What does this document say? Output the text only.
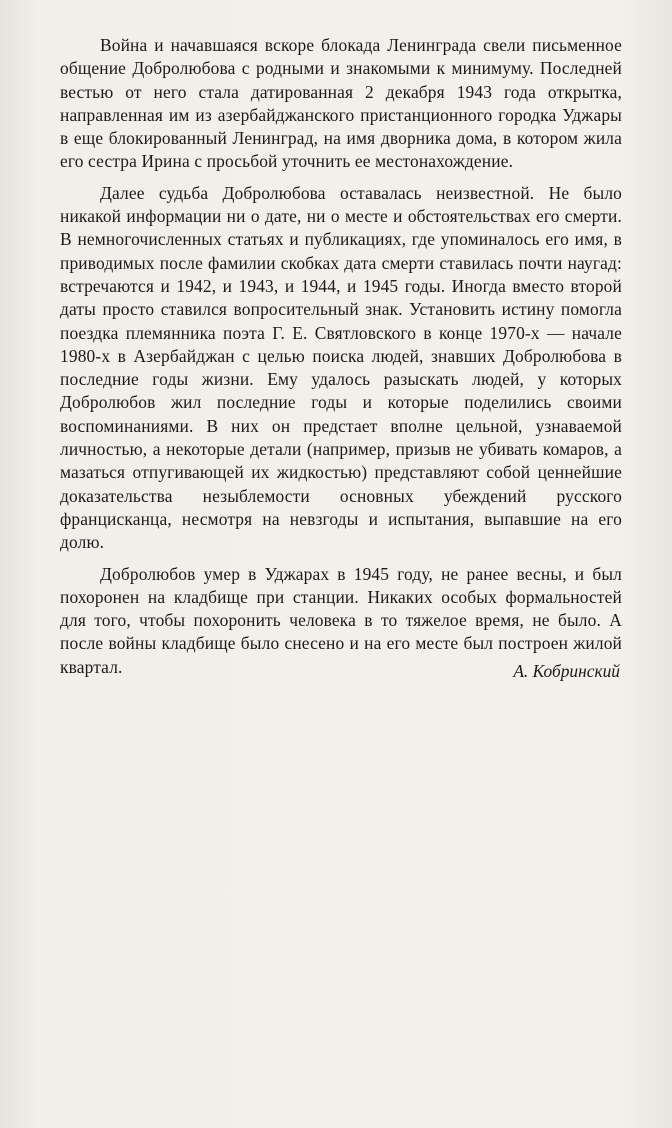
Война и начавшаяся вскоре блокада Ленинграда свели письменное общение Добролюбова с родными и знакомыми к минимуму. Последней вестью от него стала датированная 2 декабря 1943 года открытка, направленная им из азербайджанского пристанционного городка Уджары в еще блокированный Ленинград, на имя дворника дома, в котором жила его сестра Ирина с просьбой уточнить ее местонахождение.

Далее судьба Добролюбова оставалась неизвестной. Не было никакой информации ни о дате, ни о месте и обстоятельствах его смерти. В немногочисленных статьях и публикациях, где упоминалось его имя, в приводимых после фамилии скобках дата смерти ставилась почти наугад: встречаются и 1942, и 1943, и 1944, и 1945 годы. Иногда вместо второй даты просто ставился вопросительный знак. Установить истину помогла поездка племянника поэта Г. Е. Святловского в конце 1970-х — начале 1980-х в Азербайджан с целью поиска людей, знавших Добролюбова в последние годы жизни. Ему удалось разыскать людей, у которых Добролюбов жил последние годы и которые поделились своими воспоминаниями. В них он предстает вполне цельной, узнаваемой личностью, а некоторые детали (например, призыв не убивать комаров, а мазаться отпугивающей их жидкостью) представляют собой ценнейшие доказательства незыблемости основных убеждений русского францисканца, несмотря на невзгоды и испытания, выпавшие на его долю.

Добролюбов умер в Уджарах в 1945 году, не ранее весны, и был похоронен на кладбище при станции. Никаких особых формальностей для того, чтобы похоронить человека в то тяжелое время, не было. А после войны кладбище было снесено и на его месте был построен жилой квартал.	А. Кобринский
